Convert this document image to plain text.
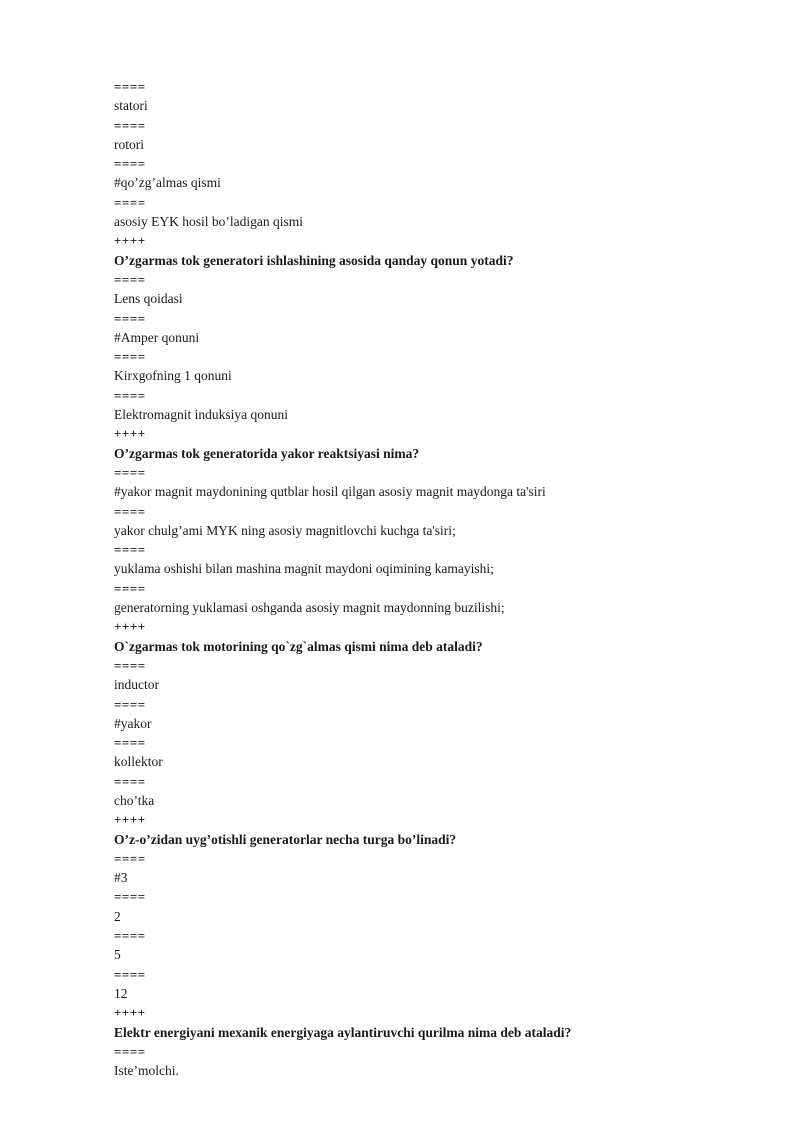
====
statori
====
rotori
====
#qo’zg’almas qismi
====
asosiy EYK hosil bo’ladigan qismi
++++
O’zgarmas tok generatori ishlashining asosida qanday qonun yotadi?
====
Lens qoidasi
====
#Amper qonuni
====
Kirxgofning 1 qonuni
====
Elektromagnit induksiya qonuni
++++
O’zgarmas tok generatorida yakor reaktsiyasi nima?
====
#yakor magnit maydonining qutblar hosil qilgan asosiy magnit maydonga ta'siri
====
yakor chulg’ami MYK ning asosiy magnitlovchi kuchga ta'siri;
====
yuklama oshishi bilan mashina magnit maydoni oqimining kamayishi;
====
generatorning yuklamasi oshganda asosiy magnit maydonning buzilishi;
++++
O`zgarmas tok motorining qo`zg`almas qismi nima deb ataladi?
====
inductor
====
#yakor
====
kollektor
====
cho’tka
++++
O’z-o’zidan uyg’otishli generatorlar necha turga bo’linadi?
====
#3
====
2
====
5
====
12
++++
Elektr energiyani mexanik energiyaga aylantiruvchi qurilma nima deb ataladi?
====
Iste’molchi.
